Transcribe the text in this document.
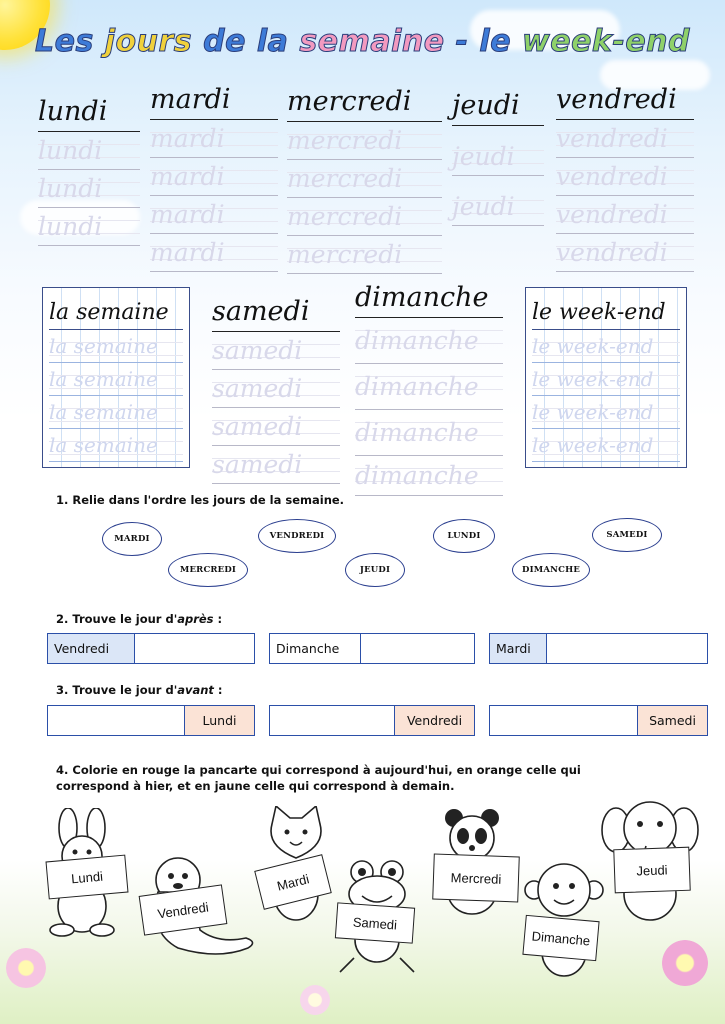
Les jours de la semaine - le week-end
lundi
lundi
lundi
lundi
mardi
mardi
mardi
mardi
mardi
mercredi
mercredi
mercredi
mercredi
mercredi
jeudi
jeudi
jeudi
vendredi
vendredi
vendredi
vendredi
vendredi
la semaine
la semaine
la semaine
la semaine
la semaine
samedi
samedi
samedi
samedi
samedi
dimanche
dimanche
dimanche
dimanche
dimanche
le week-end
le week-end
le week-end
le week-end
le week-end
1. Relie dans l'ordre les jours de la semaine.
MARDI
MERCREDI
VENDREDI
JEUDI
LUNDI
DIMANCHE
SAMEDI
2. Trouve le jour d'après :
Vendredi	Dimanche	Mardi
3. Trouve le jour d'avant :
Lundi	Vendredi	Samedi
4. Colorie en rouge la pancarte qui correspond à aujourd'hui, en orange celle qui
correspond à hier, et en jaune celle qui correspond à demain.
Lundi
Vendredi
Mardi
Samedi
Mercredi
Dimanche
Jeudi
